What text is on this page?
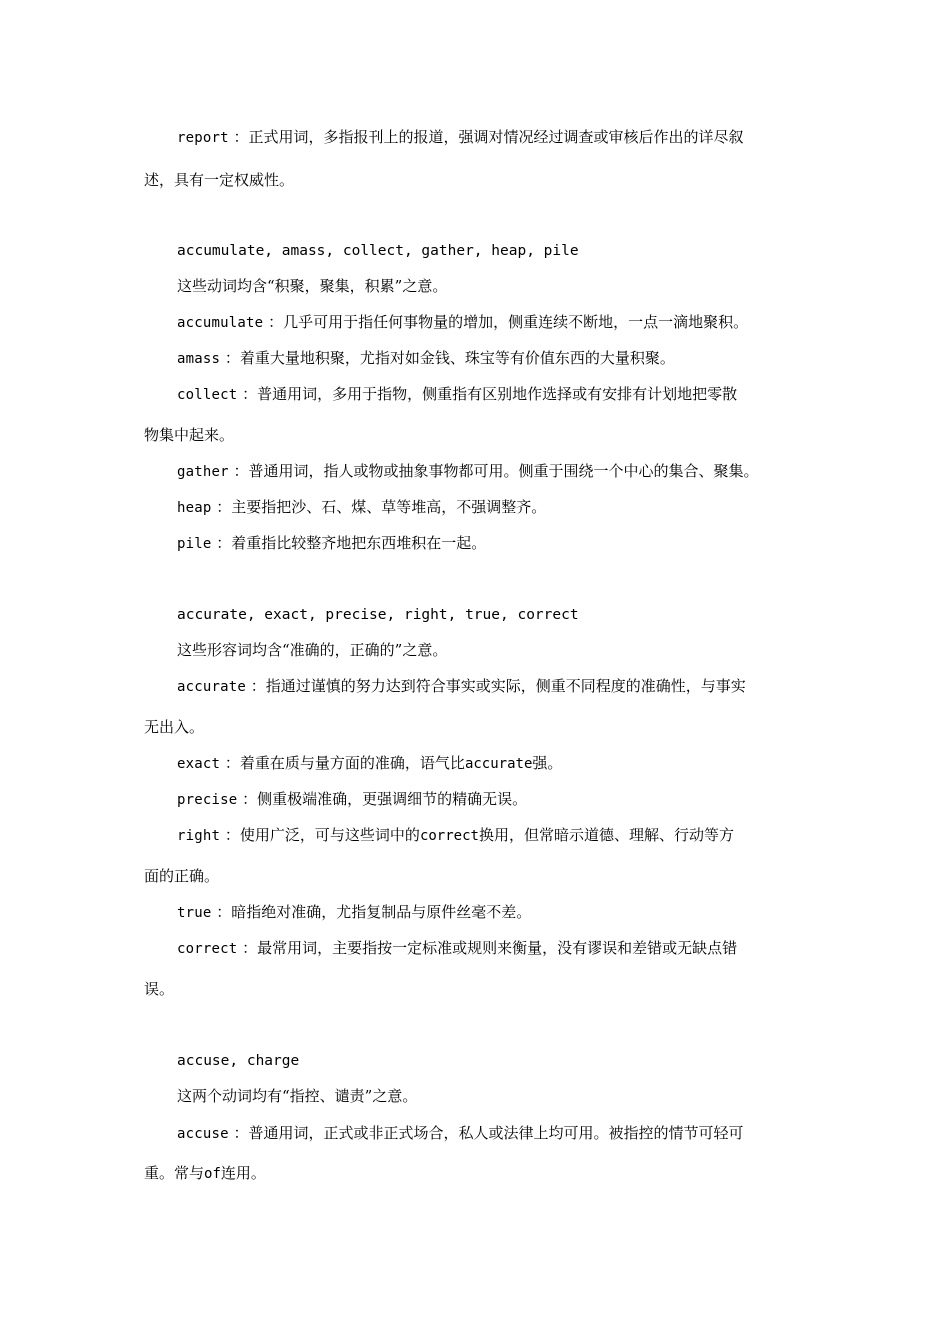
report ：正式用词，多指报刊上的报道，强调对情况经过调查或审核后作出的详尽叙
述，具有一定权威性。
accumulate, amass, collect, gather, heap, pile
这些动词均含“积聚，聚集，积累”之意。
accumulate ：几乎可用于指任何事物量的增加，侧重连续不断地，一点一滴地聚积。
amass ：着重大量地积聚，尤指对如金钱、珠宝等有价值东西的大量积聚。
collect ：普通用词，多用于指物，侧重指有区别地作选择或有安排有计划地把零散
物集中起来。
gather ：普通用词，指人或物或抽象事物都可用。侧重于围绕一个中心的集合、聚集。
heap ：主要指把沙、石、煤、草等堆高，不强调整齐。
pile ：着重指比较整齐地把东西堆积在一起。
accurate, exact, precise, right, true, correct
这些形容词均含“准确的，正确的”之意。
accurate ：指通过谨慎的努力达到符合事实或实际，侧重不同程度的准确性，与事实
无出入。
exact ：着重在质与量方面的准确，语气比accurate强。
precise ：侧重极端准确，更强调细节的精确无误。
right ：使用广泛，可与这些词中的correct换用，但常暗示道德、理解、行动等方
面的正确。
true ：暗指绝对准确，尤指复制品与原件丝毫不差。
correct ：最常用词，主要指按一定标准或规则来衡量，没有谬误和差错或无缺点错
误。
accuse, charge
这两个动词均有“指控、谴责”之意。
accuse ：普通用词，正式或非正式场合，私人或法律上均可用。被指控的情节可轻可
重。常与of连用。
